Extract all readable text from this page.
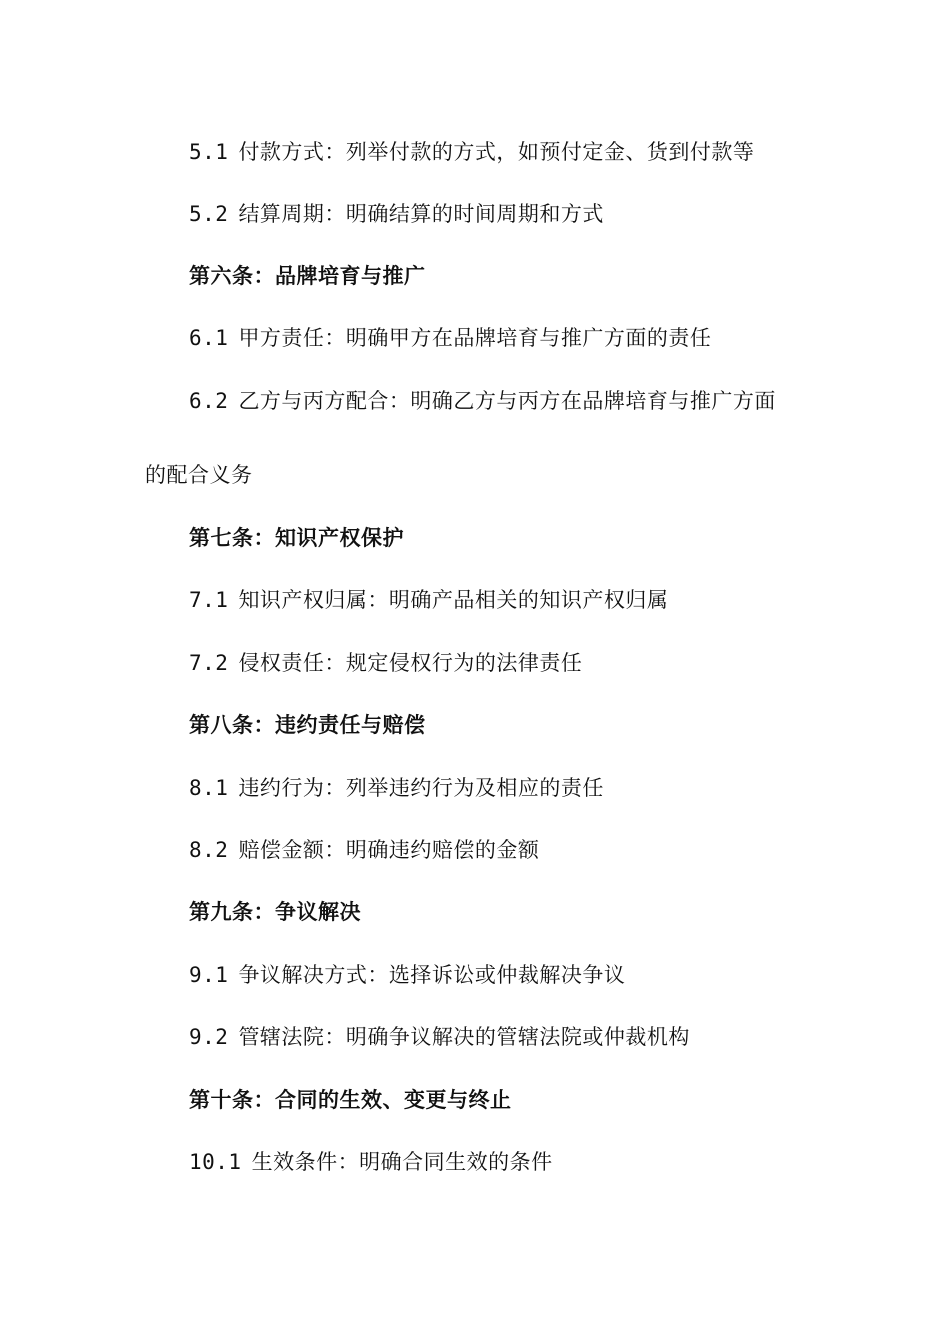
5.1 付款方式：列举付款的方式，如预付定金、货到付款等
5.2 结算周期：明确结算的时间周期和方式
第六条：品牌培育与推广
6.1 甲方责任：明确甲方在品牌培育与推广方面的责任
6.2 乙方与丙方配合：明确乙方与丙方在品牌培育与推广方面
的配合义务
第七条：知识产权保护
7.1 知识产权归属：明确产品相关的知识产权归属
7.2 侵权责任：规定侵权行为的法律责任
第八条：违约责任与赔偿
8.1 违约行为：列举违约行为及相应的责任
8.2 赔偿金额：明确违约赔偿的金额
第九条：争议解决
9.1 争议解决方式：选择诉讼或仲裁解决争议
9.2 管辖法院：明确争议解决的管辖法院或仲裁机构
第十条：合同的生效、变更与终止
10.1 生效条件：明确合同生效的条件
